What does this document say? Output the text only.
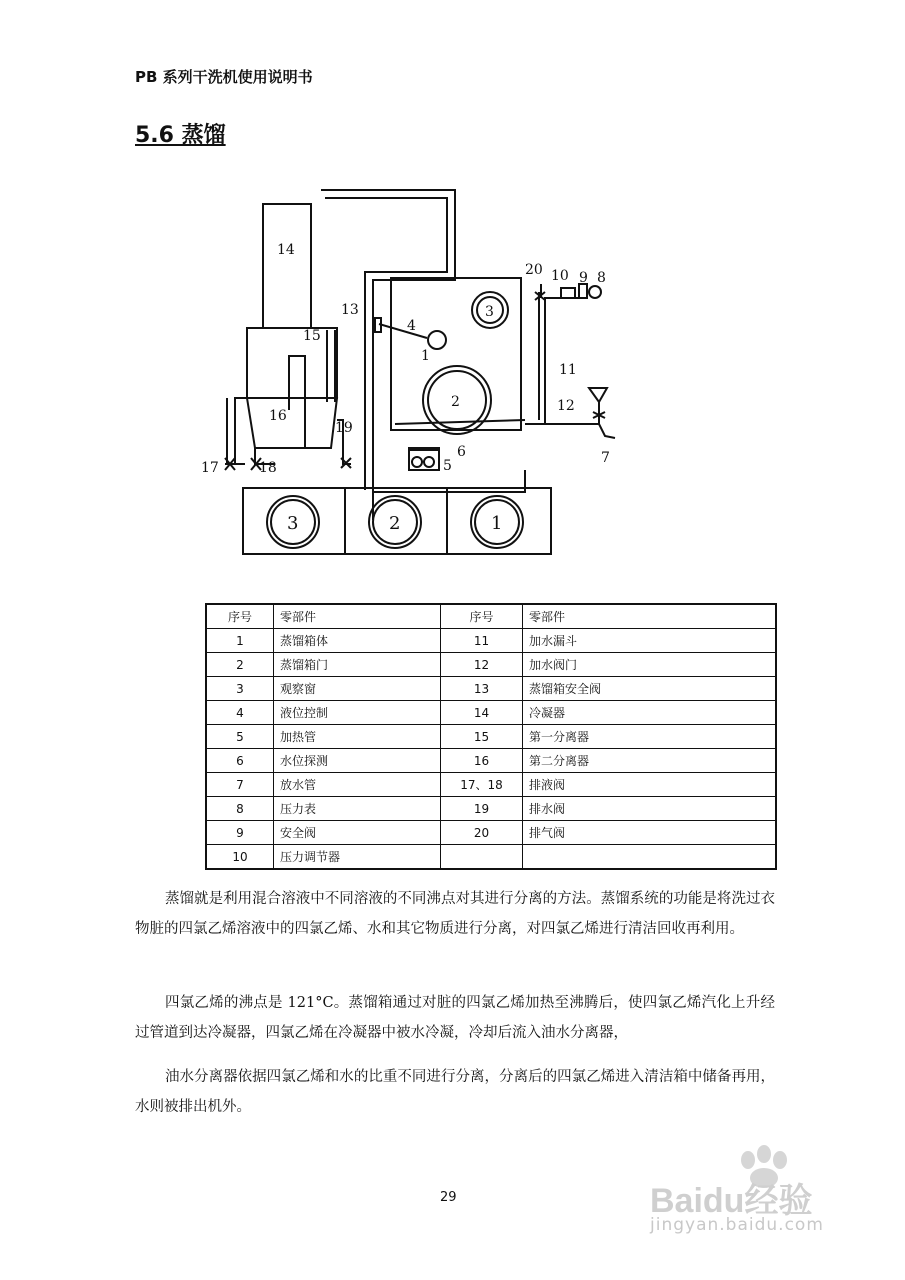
PB 系列干洗机使用说明书
5.6 蒸馏
14
13
4
1
15
16
19
17	18
3
2
6
5	7
11
12
20 10 9 8
3	2	1
序号	零部件	序号	零部件
1	蒸馏箱体	11	加水漏斗
2	蒸馏箱门	12	加水阀门
3	观察窗	13	蒸馏箱安全阀
4	液位控制	14	冷凝器
5	加热管	15	第一分离器
6	水位探测	16	第二分离器
7	放水管	17、18	排液阀
8	压力表	19	排水阀
9	安全阀	20	排气阀
10	压力调节器		

蒸馏就是利用混合溶液中不同溶液的不同沸点对其进行分离的方法。蒸馏系统的功能是将洗过衣物脏的四氯乙烯溶液中的四氯乙烯、水和其它物质进行分离，对四氯乙烯进行清洁回收再利用。

四氯乙烯的沸点是 121°C。蒸馏箱通过对脏的四氯乙烯加热至沸腾后，使四氯乙烯汽化上升经过管道到达冷凝器，四氯乙烯在冷凝器中被水冷凝，冷却后流入油水分离器，

油水分离器依据四氯乙烯和水的比重不同进行分离，分离后的四氯乙烯进入清洁箱中储备再用，水则被排出机外。

29	Baidu经验
jingyan.baidu.com
